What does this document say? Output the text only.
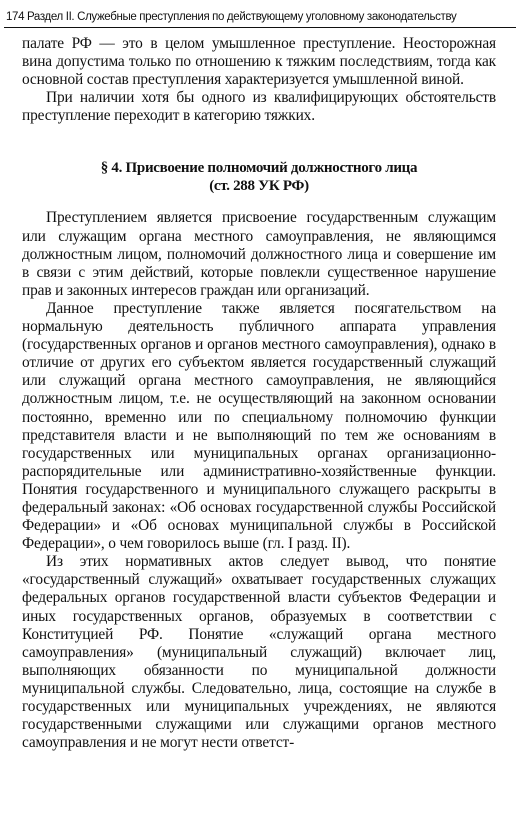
174 Раздел II. Служебные преступления по действующему уголовному законодательству

палате РФ — это в целом умышленное преступление. Неосторожная вина допустима только по отношению к тяжким последствиям, тогда как основной состав преступления характеризуется умышленной виной.

При наличии хотя бы одного из квалифицирующих обстоятельств преступление переходит в категорию тяжких.

§ 4. Присвоение полномочий должностного лица
(ст. 288 УК РФ)

Преступлением является присвоение государственным служащим или служащим органа местного самоуправления, не являющимся должностным лицом, полномочий должностного лица и совершение им в связи с этим действий, которые повлекли существенное нарушение прав и законных интересов граждан или организаций.

Данное преступление также является посягательством на нормальную деятельность публичного аппарата управления (государственных органов и органов местного самоуправления), однако в отличие от других его субъектом является государственный служащий или служащий органа местного самоуправления, не являющийся должностным лицом, т.е. не осуществляющий на законном основании постоянно, временно или по специальному полномочию функции представителя власти и не выполняющий по тем же основаниям в государственных или муниципальных органах организационно-распорядительные или административно-хозяйственные функции. Понятия государственного и муниципального служащего раскрыты в федеральный законах: «Об основах государственной службы Российской Федерации» и «Об основах муниципальной службы в Российской Федерации», о чем говорилось выше (гл. I разд. II).

Из этих нормативных актов следует вывод, что понятие «государственный служащий» охватывает государственных служащих федеральных органов государственной власти субъектов Федерации и иных государственных органов, образуемых в соответствии с Конституцией РФ. Понятие «служащий органа местного самоуправления» (муниципальный служащий) включает лиц, выполняющих обязанности по муниципальной должности муниципальной службы. Следовательно, лица, состоящие на службе в государственных или муниципальных учреждениях, не являются государственными служащими или служащими органов местного самоуправления и не могут нести ответст-
